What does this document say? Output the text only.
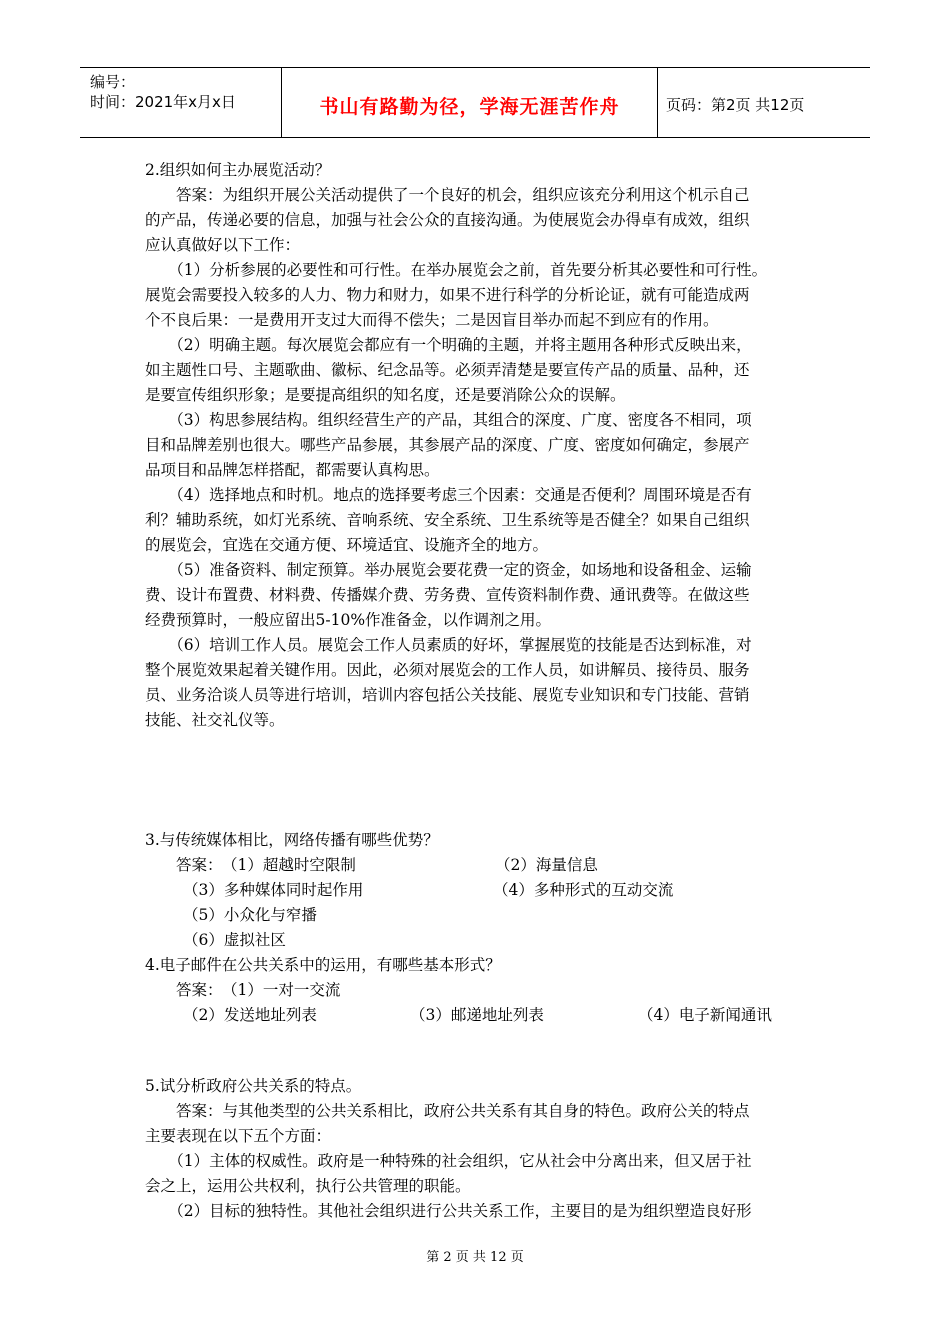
编号：
时间：2021年x月x日	书山有路勤为径，学海无涯苦作舟	页码：第2页 共12页

2.组织如何主办展览活动？

　　答案：为组织开展公关活动提供了一个良好的机会，组织应该充分利用这个机示自己

的产品，传递必要的信息，加强与社会公众的直接沟通。为使展览会办得卓有成效，组织

应认真做好以下工作：

　　（1）分析参展的必要性和可行性。在举办展览会之前，首先要分析其必要性和可行性。

展览会需要投入较多的人力、物力和财力，如果不进行科学的分析论证，就有可能造成两

个不良后果：一是费用开支过大而得不偿失；二是因盲目举办而起不到应有的作用。

　　（2）明确主题。每次展览会都应有一个明确的主题，并将主题用各种形式反映出来，

如主题性口号、主题歌曲、徽标、纪念品等。必须弄清楚是要宣传产品的质量、品种，还

是要宣传组织形象；是要提高组织的知名度，还是要消除公众的误解。

　　（3）构思参展结构。组织经营生产的产品，其组合的深度、广度、密度各不相同，项

目和品牌差别也很大。哪些产品参展，其参展产品的深度、广度、密度如何确定，参展产

品项目和品牌怎样搭配，都需要认真构思。

　　（4）选择地点和时机。地点的选择要考虑三个因素：交通是否便利？周围环境是否有

利？辅助系统，如灯光系统、音响系统、安全系统、卫生系统等是否健全？如果自己组织

的展览会，宜选在交通方便、环境适宜、设施齐全的地方。

　　（5）准备资料、制定预算。举办展览会要花费一定的资金，如场地和设备租金、运输

费、设计布置费、材料费、传播媒介费、劳务费、宣传资料制作费、通讯费等。在做这些

经费预算时，一般应留出5-10%作准备金，以作调剂之用。

　　（6）培训工作人员。展览会工作人员素质的好坏，掌握展览的技能是否达到标准，对

整个展览效果起着关键作用。因此，必须对展览会的工作人员，如讲解员、接待员、服务

员、业务洽谈人员等进行培训，培训内容包括公关技能、展览专业知识和专门技能、营销

技能、社交礼仪等。

3.与传统媒体相比，网络传播有哪些优势？

　　答案： （1）超越时空限制	（2）海量信息
（3）多种媒体同时起作用	（4）多种形式的互动交流
（5）小众化与窄播
（6）虚拟社区

4.电子邮件在公共关系中的运用，有哪些基本形式？

　　答案： （1）一对一交流
（2）发送地址列表	（3）邮递地址列表	（4）电子新闻通讯

5.试分析政府公共关系的特点。

　　答案：与其他类型的公共关系相比，政府公共关系有其自身的特色。政府公关的特点

主要表现在以下五个方面：

　　（1）主体的权威性。政府是一种特殊的社会组织，它从社会中分离出来，但又居于社

会之上，运用公共权利，执行公共管理的职能。

　　（2）目标的独特性。其他社会组织进行公共关系工作，主要目的是为组织塑造良好形

第 2 页 共 12 页
